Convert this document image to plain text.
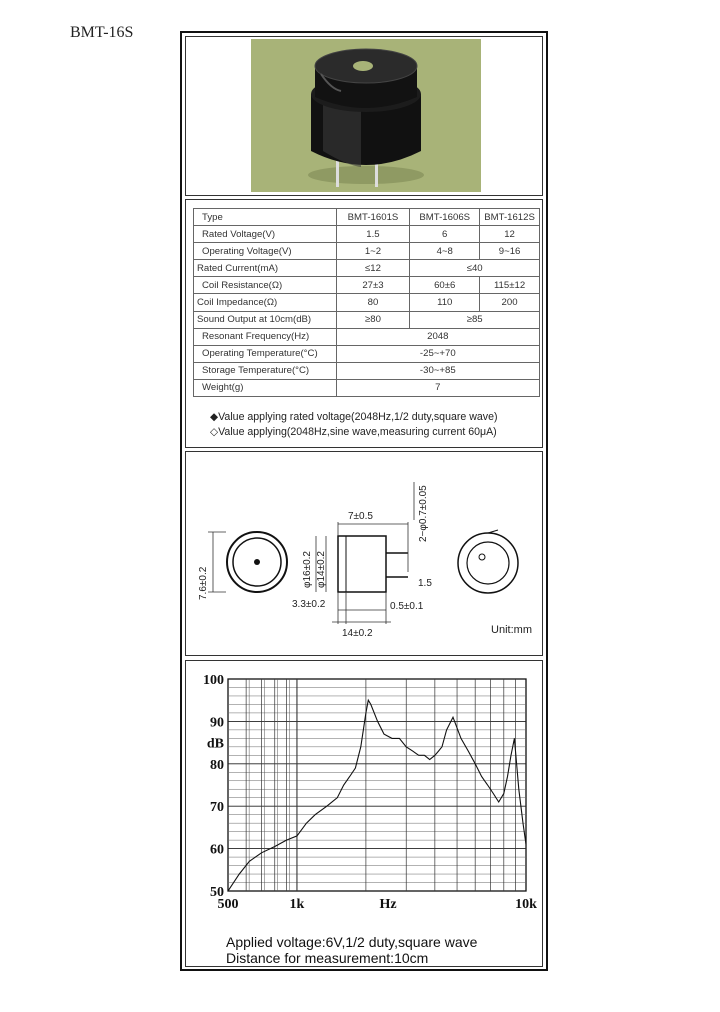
BMT-16S
Type	BMT-1601S	BMT-1606S	BMT-1612S
Rated Voltage(V)	1.5	6	12
Operating Voltage(V)	1~2	4~8	9~16
Rated Current(mA)	≤12	≤40	
Coil Resistance(Ω)	27±3	60±6	115±12
Coil Impedance(Ω)	80	110	200
Sound Output at 10cm(dB)	≥80	≥85	
Resonant Frequency(Hz)	2048		
Operating Temperature(°C)	-25~+70		
Storage Temperature(°C)	-30~+85		
Weight(g)	7		
◆Value applying rated voltage(2048Hz,1/2 duty,square wave)
◇Value applying(2048Hz,sine wave,measuring current 60μA)
7.6±0.2
7±0.5
φ16±0.2 φ14±0.2
2−φ0.7±0.05
1.5
3.3±0.2	0.5±0.1
14±0.2	Unit:mm
100
90
dB
80
70
60
50
500	1k	Hz	10k
Applied voltage:6V,1/2 duty,square wave
Distance for measurement:10cm
